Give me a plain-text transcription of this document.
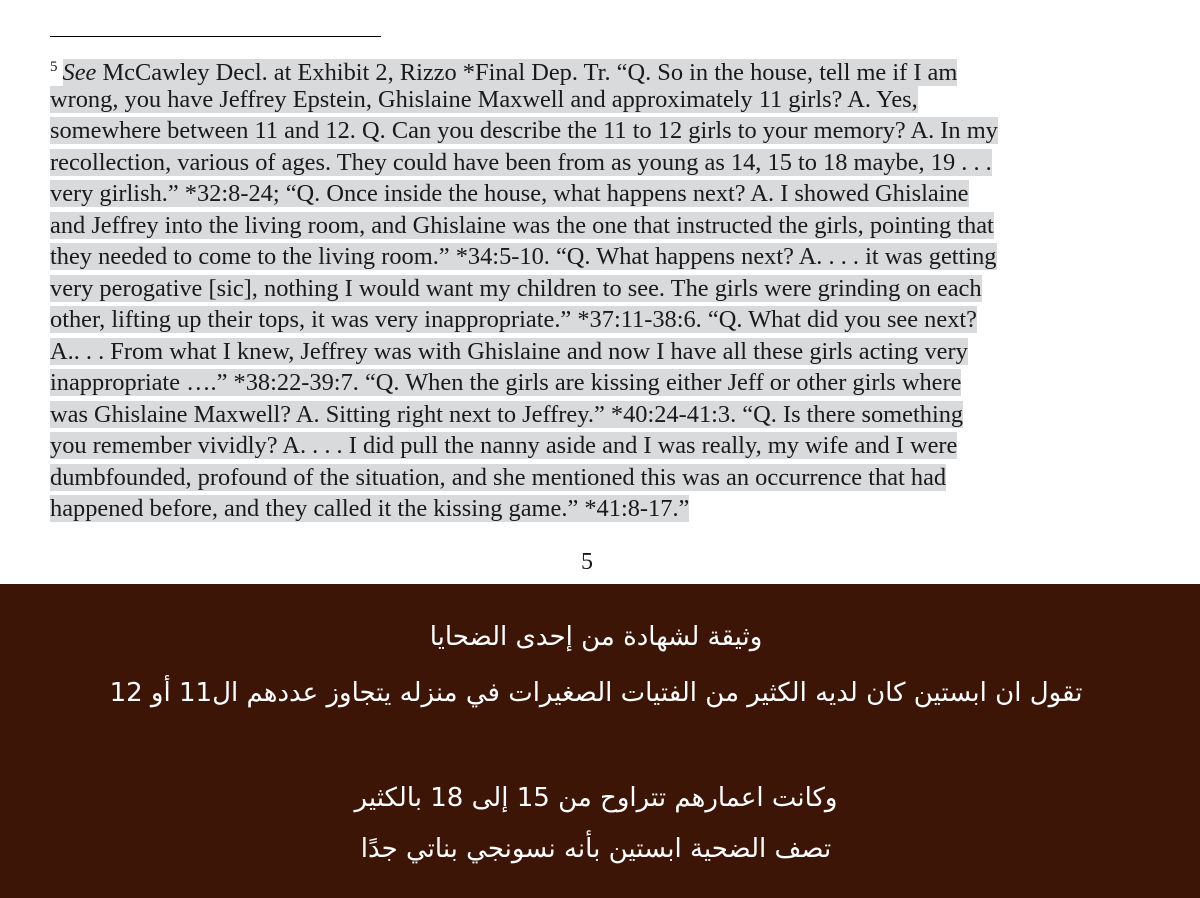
$^5$ See McCawley Decl. at Exhibit 2, Rizzo *Final Dep. Tr. “Q. So in the house, tell me if I am
wrong, you have Jeffrey Epstein, Ghislaine Maxwell and approximately 11 girls? A. Yes,
somewhere between 11 and 12. Q. Can you describe the 11 to 12 girls to your memory? A. In my
recollection, various of ages. They could have been from as young as 14, 15 to 18 maybe, 19 . . .
very girlish.” *32:8-24; “Q. Once inside the house, what happens next? A. I showed Ghislaine
and Jeffrey into the living room, and Ghislaine was the one that instructed the girls, pointing that
they needed to come to the living room.” *34:5-10. “Q. What happens next? A. . . . it was getting
very perogative [sic], nothing I would want my children to see. The girls were grinding on each
other, lifting up their tops, it was very inappropriate.” *37:11-38:6. “Q. What did you see next?
A.. . . From what I knew, Jeffrey was with Ghislaine and now I have all these girls acting very
inappropriate ….” *38:22-39:7. “Q. When the girls are kissing either Jeff or other girls where
was Ghislaine Maxwell? A. Sitting right next to Jeffrey.” *40:24-41:3. “Q. Is there something
you remember vividly? A. . . . I did pull the nanny aside and I was really, my wife and I were
dumbfounded, profound of the situation, and she mentioned this was an occurrence that had
happened before, and they called it the kissing game.” *41:8-17.”
5
وثيقة لشهادة من إحدى الضحايا
تقول ان ابستين كان لديه الكثير من الفتيات الصغيرات في منزله يتجاوز عددهم ال11 أو 12
وكانت اعمارهم تتراوح من 15 إلى 18 بالكثير
تصف الضحية ابستين بأنه نسونجي بناتي جدًا
